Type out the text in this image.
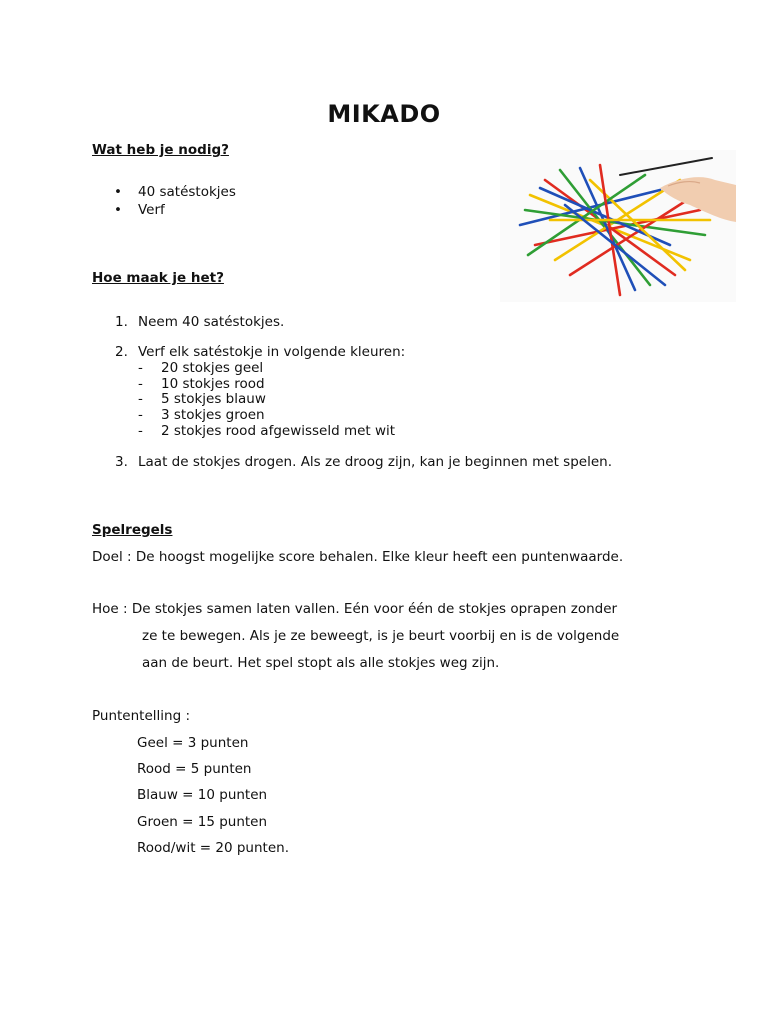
MIKADO
Wat heb je nodig?
• 40 satéstokjes
• Verf
Hoe maak je het?
1. Neem 40 satéstokjes.
2. Verf elk satéstokje in volgende kleuren:
- 20 stokjes geel
- 10 stokjes rood
- 5 stokjes blauw
- 3 stokjes groen
- 2 stokjes rood afgewisseld met wit
3. Laat de stokjes drogen. Als ze droog zijn, kan je beginnen met spelen.
Spelregels
Doel : De hoogst mogelijke score behalen. Elke kleur heeft een puntenwaarde.
Hoe : De stokjes samen laten vallen. Eén voor één de stokjes oprapen zonder
ze te bewegen. Als je ze beweegt, is je beurt voorbij en is de volgende
aan de beurt. Het spel stopt als alle stokjes weg zijn.
Puntentelling :
Geel = 3 punten
Rood = 5 punten
Blauw = 10 punten
Groen = 15 punten
Rood/wit = 20 punten.
